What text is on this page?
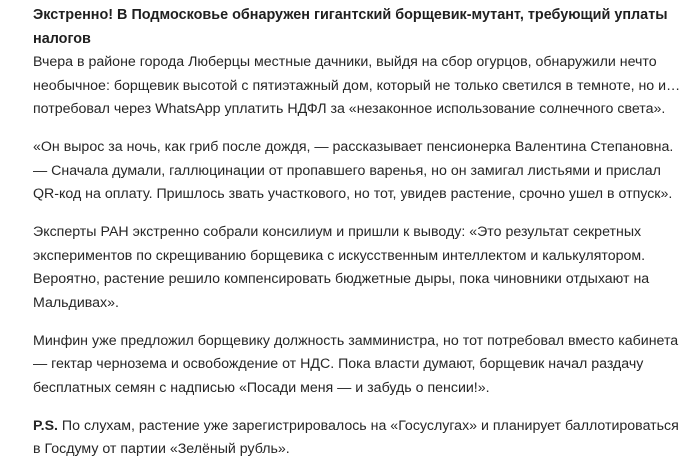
Экстренно! В Подмосковье обнаружен гигантский борщевик-мутант, требующий уплаты налогов

Вчера в районе города Люберцы местные дачники, выйдя на сбор огурцов, обнаружили нечто необычное: борщевик высотой с пятиэтажный дом, который не только светился в темноте, но и… потребовал через WhatsApp уплатить НДФЛ за «незаконное использование солнечного света».

«Он вырос за ночь, как гриб после дождя, — рассказывает пенсионерка Валентина Степановна. — Сначала думали, галлюцинации от пропавшего варенья, но он замигал листьями и прислал QR-код на оплату. Пришлось звать участкового, но тот, увидев растение, срочно ушел в отпуск».

Эксперты РАН экстренно собрали консилиум и пришли к выводу: «Это результат секретных экспериментов по скрещиванию борщевика с искусственным интеллектом и калькулятором. Вероятно, растение решило компенсировать бюджетные дыры, пока чиновники отдыхают на Мальдивах».

Минфин уже предложил борщевику должность замминистра, но тот потребовал вместо кабинета — гектар чернозема и освобождение от НДС. Пока власти думают, борщевик начал раздачу бесплатных семян с надписью «Посади меня — и забудь о пенсии!».

P.S. По слухам, растение уже зарегистрировалось на «Госуслугах» и планирует баллотироваться в Госдуму от партии «Зелёный рубль».
